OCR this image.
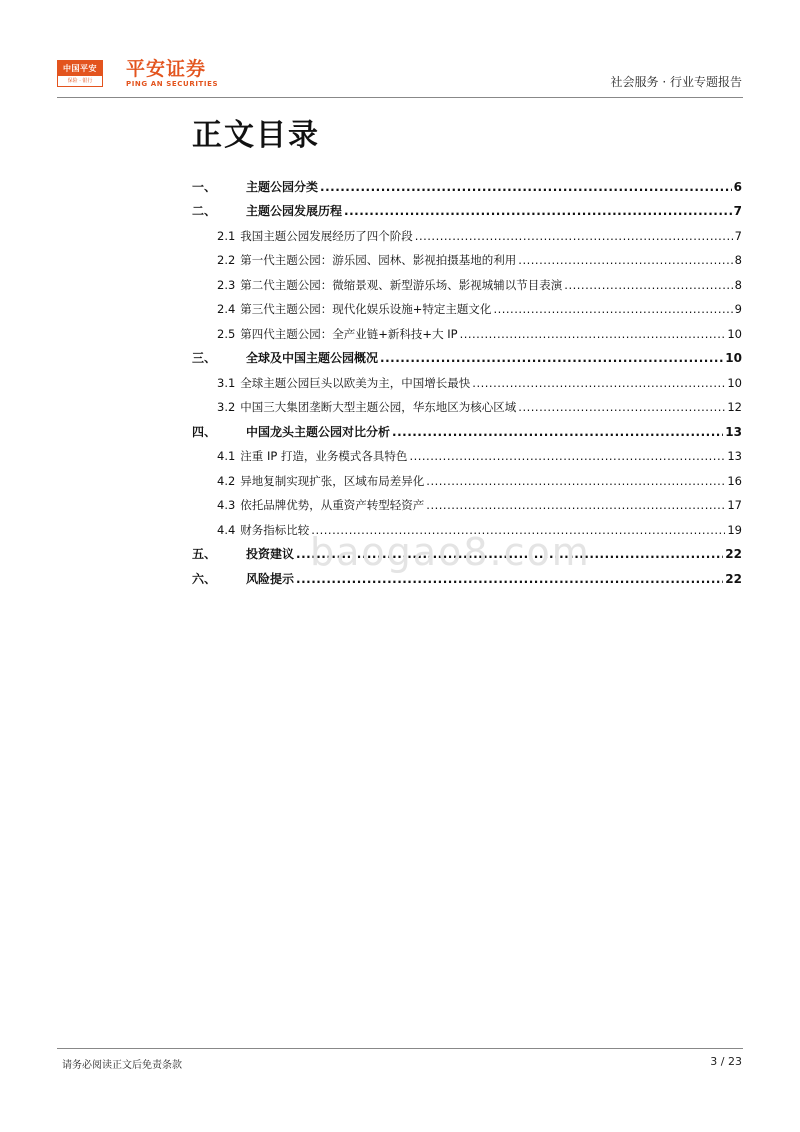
中国平安
保险 · 银行
平安证券
PING AN SECURITIES	社会服务 · 行业专题报告
正文目录
一、	主题公园分类 .....	6
二、	主题公园发展历程 .....	7
2.1 我国主题公园发展经历了四个阶段 .....	7
2.2 第一代主题公园：游乐园、园林、影视拍摄基地的利用 .....	8
2.3 第二代主题公园：微缩景观、新型游乐场、影视城辅以节目表演 .....	8
2.4 第三代主题公园：现代化娱乐设施+特定主题文化 .....	9
2.5 第四代主题公园：全产业链+新科技+大 IP .....	10
三、	全球及中国主题公园概况 .....	10
3.1 全球主题公园巨头以欧美为主，中国增长最快 .....	10
3.2 中国三大集团垄断大型主题公园，华东地区为核心区域 .....	12
四、	中国龙头主题公园对比分析 .....	13
4.1 注重 IP 打造，业务模式各具特色 .....	13
4.2 异地复制实现扩张，区域布局差异化 .....	16
4.3 依托品牌优势，从重资产转型轻资产 .....	17
4.4 财务指标比较 .....	19
五、	投资建议 .....	22
六、	风险提示 .....	22
baogao8.com
请务必阅读正文后免责条款	3 / 23
